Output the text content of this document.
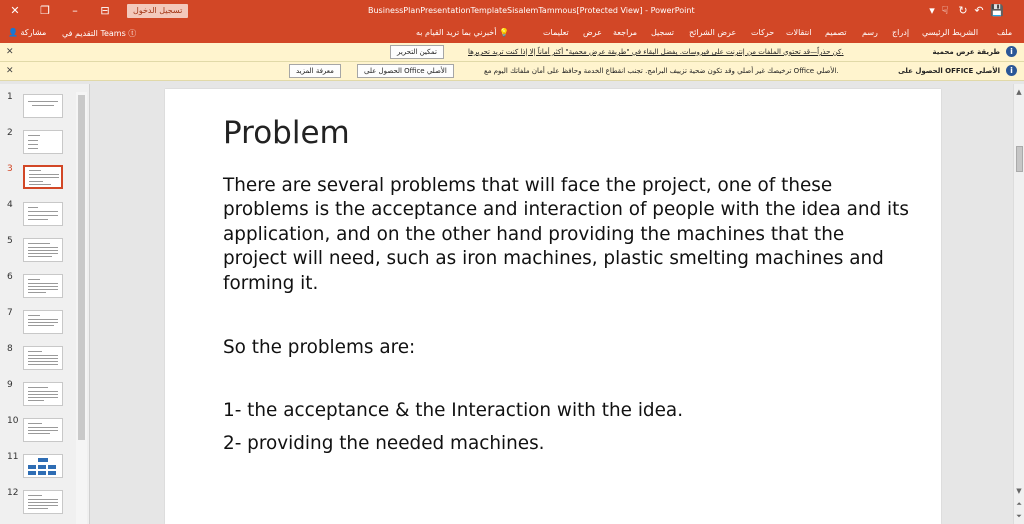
✕ ❐	–	⊟	تسجيل الدخول	BusinessPlanPresentationTemplateSisalemTammous[Protected View] - PowerPoint	▾ ☟ ↻ ↶ 💾
👤 مشاركة التقديم في Teams ⓣ	أخبرني بما تريد القيام به 💡	تعليمات عرض مراجعة تسجيل عرض الشرائح حركات انتقالات تصميم رسم إدراج الشريط الرئيسي ملف
✕	تمكين التحرير	كن حذراً—قد تحتوي الملفات من إنترنت على فيروسات. يفضل البقاء في "طريقة عرض محمية" أكثر أماناً إلا إذا كنت تريد تحريرها.	طريقة عرض محمية	i
✕	معرفة المزيد	الحصول على Office الأصلي	ترخيصك غير أصلي وقد تكون ضحية تزييف البرامج. تجنب انقطاع الخدمة وحافظ على أمان ملفاتك اليوم مع Office الأصلي.	الحصول على OFFICE الأصلي	i
1
2
3
4
5
6
7
8
9
10
11
12
Problem
There are several problems that will face the project, one of these problems is the acceptance and interaction of people with the idea and its application, and on the other hand providing the machines that the project will need, such as iron machines, plastic smelting machines and forming it.
So the problems are:
1- the acceptance & the Interaction with the idea.
2- providing the needed machines.
▲
▼
⏶
⏷
